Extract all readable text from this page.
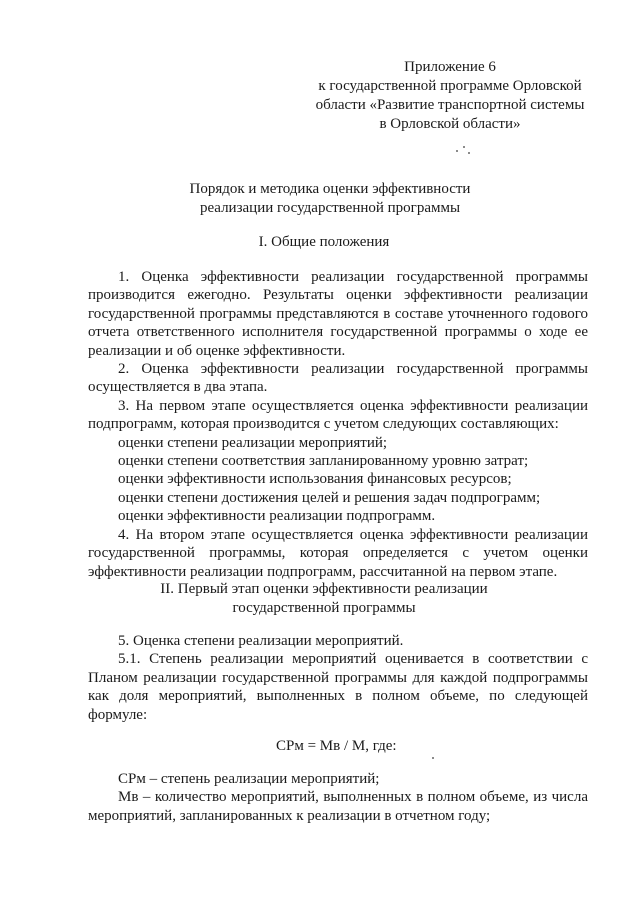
Приложение 6
к государственной программе Орловской
области «Развитие транспортной системы
в Орловской области»
Порядок и методика оценки эффективности
реализации государственной программы
I. Общие положения

1. Оценка эффективности реализации государственной программы производится ежегодно. Результаты оценки эффективности реализации государственной программы представляются в составе уточненного годового отчета ответственного исполнителя государственной программы о ходе ее реализации и об оценке эффективности.

2. Оценка эффективности реализации государственной программы осуществляется в два этапа.

3. На первом этапе осуществляется оценка эффективности реализации подпрограмм, которая производится с учетом следующих составляющих:

оценки степени реализации мероприятий;

оценки степени соответствия запланированному уровню затрат;

оценки эффективности использования финансовых ресурсов;

оценки степени достижения целей и решения задач подпрограмм;

оценки эффективности реализации подпрограмм.

4. На втором этапе осуществляется оценка эффективности реализации государственной программы, которая определяется с учетом оценки эффективности реализации подпрограмм, рассчитанной на первом этапе.

II. Первый этап оценки эффективности реализации
государственной программы

5. Оценка степени реализации мероприятий.

5.1. Степень реализации мероприятий оценивается в соответствии с Планом реализации государственной программы для каждой подпрограммы как доля мероприятий, выполненных в полном объеме, по следующей формуле:

СРм = Мв / М, где:

СРм – степень реализации мероприятий;

Мв – количество мероприятий, выполненных в полном объеме, из числа мероприятий, запланированных к реализации в отчетном году;
